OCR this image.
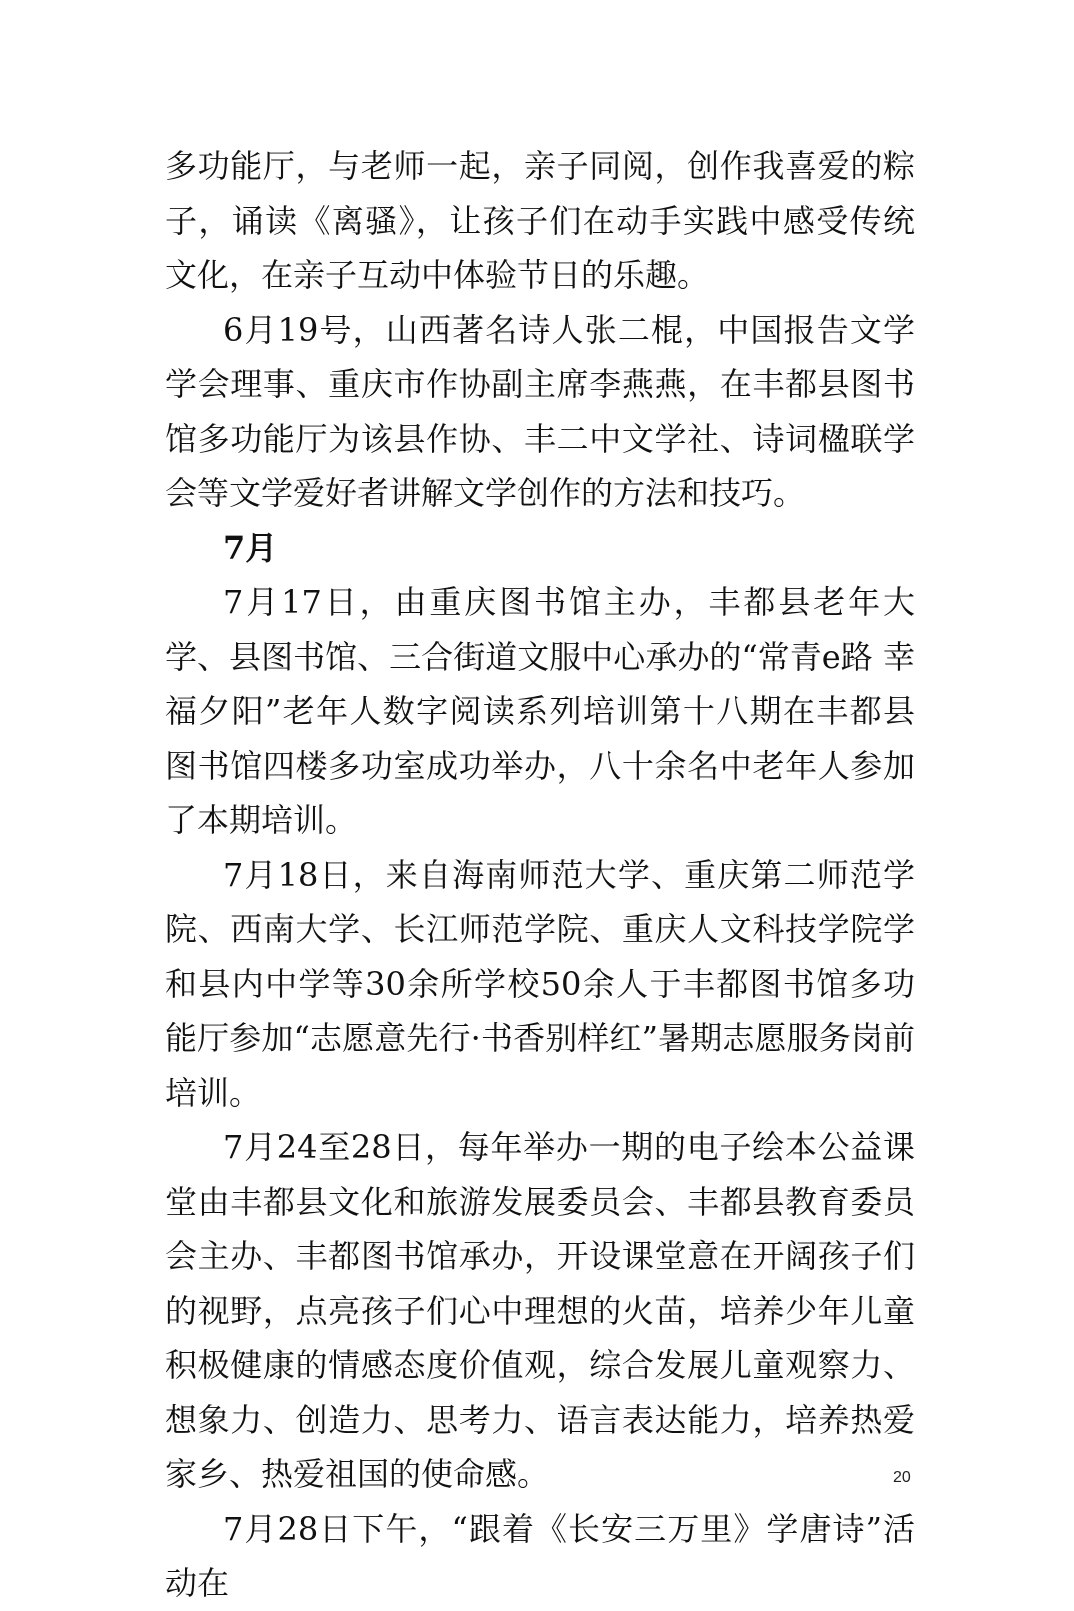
多功能厅，与老师一起，亲子同阅，创作我喜爱的粽子，诵读《离骚》，让孩子们在动手实践中感受传统文化，在亲子互动中体验节日的乐趣。

6月19号，山西著名诗人张二棍，中国报告文学学会理事、重庆市作协副主席李燕燕，在丰都县图书馆多功能厅为该县作协、丰二中文学社、诗词楹联学会等文学爱好者讲解文学创作的方法和技巧。

7月

7月17日，由重庆图书馆主办，丰都县老年大学、县图书馆、三合街道文服中心承办的“常青e路 幸福夕阳”老年人数字阅读系列培训第十八期在丰都县图书馆四楼多功室成功举办，八十余名中老年人参加了本期培训。

7月18日，来自海南师范大学、重庆第二师范学院、西南大学、长江师范学院、重庆人文科技学院学和县内中学等30余所学校50余人于丰都图书馆多功能厅参加“志愿意先行·书香别样红”暑期志愿服务岗前培训。

7月24至28日，每年举办一期的电子绘本公益课堂由丰都县文化和旅游发展委员会、丰都县教育委员会主办、丰都图书馆承办，开设课堂意在开阔孩子们的视野，点亮孩子们心中理想的火苗，培养少年儿童积极健康的情感态度价值观，综合发展儿童观察力、想象力、创造力、思考力、语言表达能力，培养热爱家乡、热爱祖国的使命感。

7月28日下午，“跟着《长安三万里》学唐诗”活动在

20
